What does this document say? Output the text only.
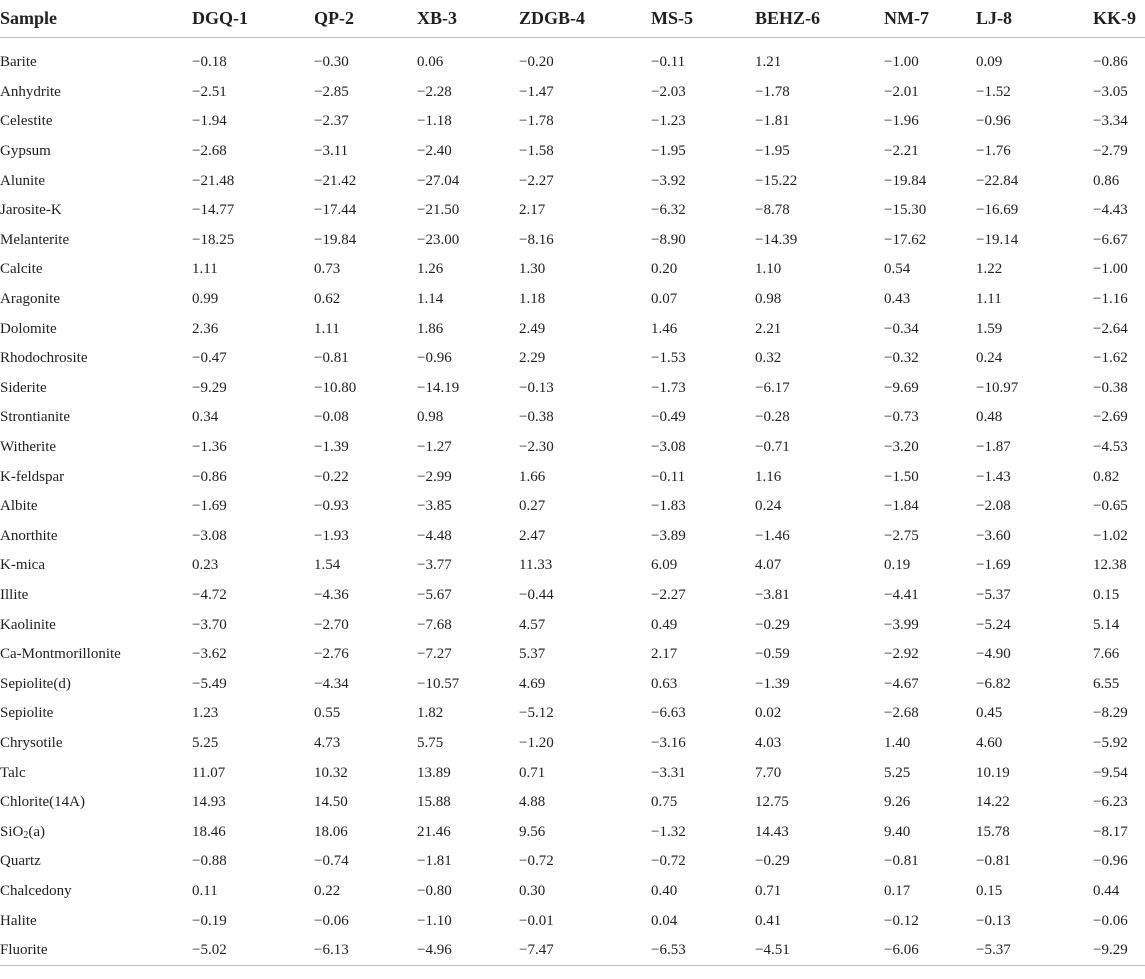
Sample	DGQ-1	QP-2	XB-3	ZDGB-4	MS-5	BEHZ-6	NM-7	LJ-8	KK-9

Barite	−0.18	−0.30	0.06	−0.20	−0.11	1.21	−1.00	0.09	−0.86
Anhydrite	−2.51	−2.85	−2.28	−1.47	−2.03	−1.78	−2.01	−1.52	−3.05
Celestite	−1.94	−2.37	−1.18	−1.78	−1.23	−1.81	−1.96	−0.96	−3.34
Gypsum	−2.68	−3.11	−2.40	−1.58	−1.95	−1.95	−2.21	−1.76	−2.79
Alunite	−21.48	−21.42	−27.04	−2.27	−3.92	−15.22	−19.84	−22.84	0.86
Jarosite-K	−14.77	−17.44	−21.50	2.17	−6.32	−8.78	−15.30	−16.69	−4.43
Melanterite	−18.25	−19.84	−23.00	−8.16	−8.90	−14.39	−17.62	−19.14	−6.67
Calcite	1.11	0.73	1.26	1.30	0.20	1.10	0.54	1.22	−1.00
Aragonite	0.99	0.62	1.14	1.18	0.07	0.98	0.43	1.11	−1.16
Dolomite	2.36	1.11	1.86	2.49	1.46	2.21	−0.34	1.59	−2.64
Rhodochrosite	−0.47	−0.81	−0.96	2.29	−1.53	0.32	−0.32	0.24	−1.62
Siderite	−9.29	−10.80	−14.19	−0.13	−1.73	−6.17	−9.69	−10.97	−0.38
Strontianite	0.34	−0.08	0.98	−0.38	−0.49	−0.28	−0.73	0.48	−2.69
Witherite	−1.36	−1.39	−1.27	−2.30	−3.08	−0.71	−3.20	−1.87	−4.53
K-feldspar	−0.86	−0.22	−2.99	1.66	−0.11	1.16	−1.50	−1.43	0.82
Albite	−1.69	−0.93	−3.85	0.27	−1.83	0.24	−1.84	−2.08	−0.65
Anorthite	−3.08	−1.93	−4.48	2.47	−3.89	−1.46	−2.75	−3.60	−1.02
K-mica	0.23	1.54	−3.77	11.33	6.09	4.07	0.19	−1.69	12.38
Illite	−4.72	−4.36	−5.67	−0.44	−2.27	−3.81	−4.41	−5.37	0.15
Kaolinite	−3.70	−2.70	−7.68	4.57	0.49	−0.29	−3.99	−5.24	5.14
Ca-Montmorillonite	−3.62	−2.76	−7.27	5.37	2.17	−0.59	−2.92	−4.90	7.66
Sepiolite(d)	−5.49	−4.34	−10.57	4.69	0.63	−1.39	−4.67	−6.82	6.55
Sepiolite	1.23	0.55	1.82	−5.12	−6.63	0.02	−2.68	0.45	−8.29
Chrysotile	5.25	4.73	5.75	−1.20	−3.16	4.03	1.40	4.60	−5.92
Talc	11.07	10.32	13.89	0.71	−3.31	7.70	5.25	10.19	−9.54
Chlorite(14A)	14.93	14.50	15.88	4.88	0.75	12.75	9.26	14.22	−6.23
SiO$_2$(a)	18.46	18.06	21.46	9.56	−1.32	14.43	9.40	15.78	−8.17
Quartz	−0.88	−0.74	−1.81	−0.72	−0.72	−0.29	−0.81	−0.81	−0.96
Chalcedony	0.11	0.22	−0.80	0.30	0.40	0.71	0.17	0.15	0.44
Halite	−0.19	−0.06	−1.10	−0.01	0.04	0.41	−0.12	−0.13	−0.06
Fluorite	−5.02	−6.13	−4.96	−7.47	−6.53	−4.51	−6.06	−5.37	−9.29
